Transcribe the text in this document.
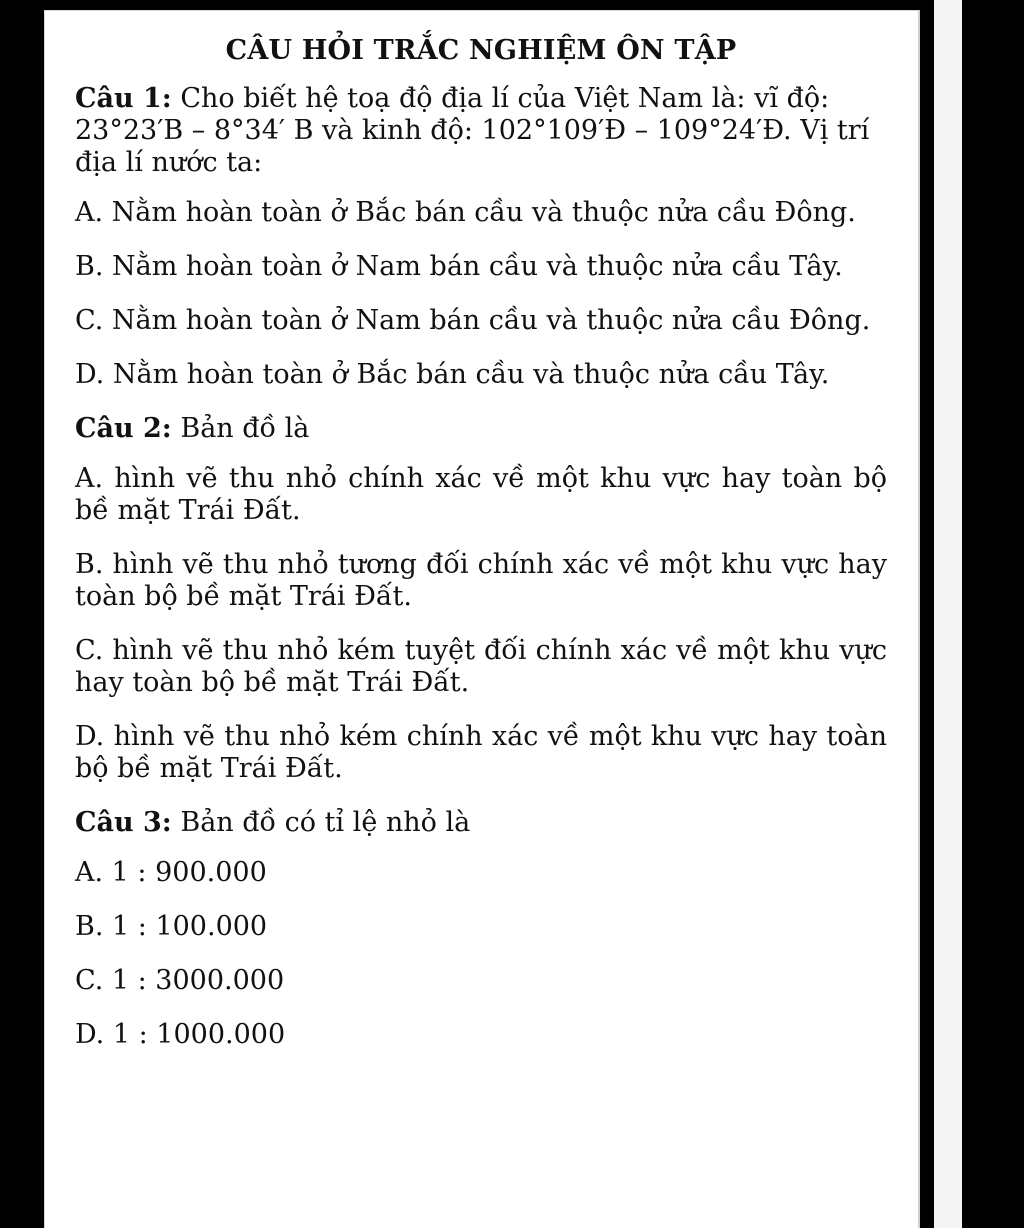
CÂU HỎI TRẮC NGHIỆM ÔN TẬP
Câu 1: Cho biết hệ toạ độ địa lí của Việt Nam là: vĩ độ: 23°23′B – 8°34′ B và kinh độ: 102°109′Đ – 109°24′Đ. Vị trí địa lí nước ta:
A. Nằm hoàn toàn ở Bắc bán cầu và thuộc nửa cầu Đông.
B. Nằm hoàn toàn ở Nam bán cầu và thuộc nửa cầu Tây.
C. Nằm hoàn toàn ở Nam bán cầu và thuộc nửa cầu Đông.
D. Nằm hoàn toàn ở Bắc bán cầu và thuộc nửa cầu Tây.
Câu 2: Bản đồ là
A. hình vẽ thu nhỏ chính xác về một khu vực hay toàn bộ bề mặt Trái Đất.
B. hình vẽ thu nhỏ tương đối chính xác về một khu vực hay toàn bộ bề mặt Trái Đất.
C. hình vẽ thu nhỏ kém tuyệt đối chính xác về một khu vực hay toàn bộ bề mặt Trái Đất.
D. hình vẽ thu nhỏ kém chính xác về một khu vực hay toàn bộ bề mặt Trái Đất.
Câu 3: Bản đồ có tỉ lệ nhỏ là
A. 1 : 900.000
B. 1 : 100.000
C. 1 : 3000.000
D. 1 : 1000.000
